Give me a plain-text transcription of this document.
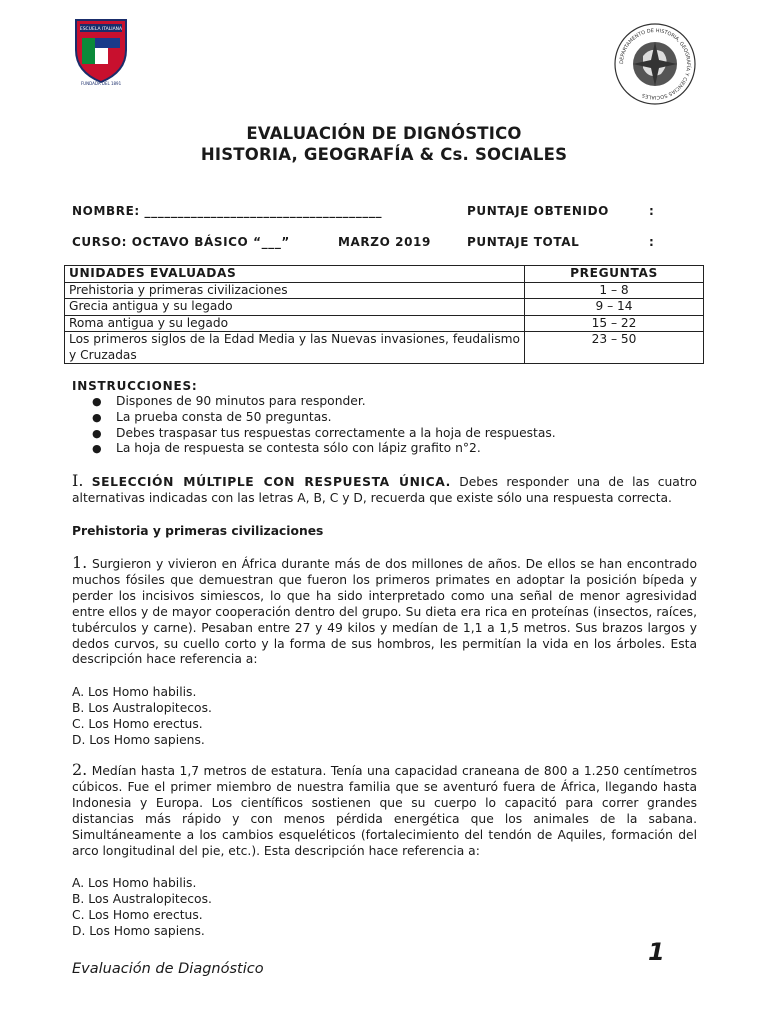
ESCUELA ITALIANA
FUNDADA DEL 1891
DEPARTAMENTO DE HISTORIA, GEOGRAFÍA Y CIENCIAS SOCIALES
EVALUACIÓN DE DIGNÓSTICO
HISTORIA, GEOGRAFÍA & Cs. SOCIALES
NOMBRE: ____________________________________	PUNTAJE OBTENIDO	:
CURSO: OCTAVO BÁSICO “___”	MARZO 2019	PUNTAJE TOTAL	:
UNIDADES EVALUADAS	PREGUNTAS
Prehistoria y primeras civilizaciones	1 – 8
Grecia antigua y su legado	9 – 14
Roma antigua y su legado	15 – 22
Los primeros siglos de la Edad Media y las Nuevas invasiones, feudalismo y Cruzadas	23 – 50
INSTRUCCIONES:
● Dispones de 90 minutos para responder.
● La prueba consta de 50 preguntas.
● Debes traspasar tus respuestas correctamente a la hoja de respuestas.
● La hoja de respuesta se contesta sólo con lápiz grafito n°2.
I. SELECCIÓN MÚLTIPLE CON RESPUESTA ÚNICA. Debes responder una de las cuatro alternativas indicadas con las letras A, B, C y D, recuerda que existe sólo una respuesta correcta.
Prehistoria y primeras civilizaciones
1. Surgieron y vivieron en África durante más de dos millones de años. De ellos se han encontrado muchos fósiles que demuestran que fueron los primeros primates en adoptar la posición bípeda y perder los incisivos simiescos, lo que ha sido interpretado como una señal de menor agresividad entre ellos y de mayor cooperación dentro del grupo. Su dieta era rica en proteínas (insectos, raíces, tubérculos y carne). Pesaban entre 27 y 49 kilos y medían de 1,1 a 1,5 metros. Sus brazos largos y dedos curvos, su cuello corto y la forma de sus hombros, les permitían la vida en los árboles. Esta descripción hace referencia a:
A. Los Homo habilis.
B. Los Australopitecos.
C. Los Homo erectus.
D. Los Homo sapiens.
2. Medían hasta 1,7 metros de estatura. Tenía una capacidad craneana de 800 a 1.250 centímetros cúbicos. Fue el primer miembro de nuestra familia que se aventuró fuera de África, llegando hasta Indonesia y Europa. Los científicos sostienen que su cuerpo lo capacitó para correr grandes distancias más rápido y con menos pérdida energética que los animales de la sabana. Simultáneamente a los cambios esqueléticos (fortalecimiento del tendón de Aquiles, formación del arco longitudinal del pie, etc.). Esta descripción hace referencia a:
A. Los Homo habilis.
B. Los Australopitecos.
C. Los Homo erectus.
D. Los Homo sapiens.
Evaluación de Diagnóstico
1
